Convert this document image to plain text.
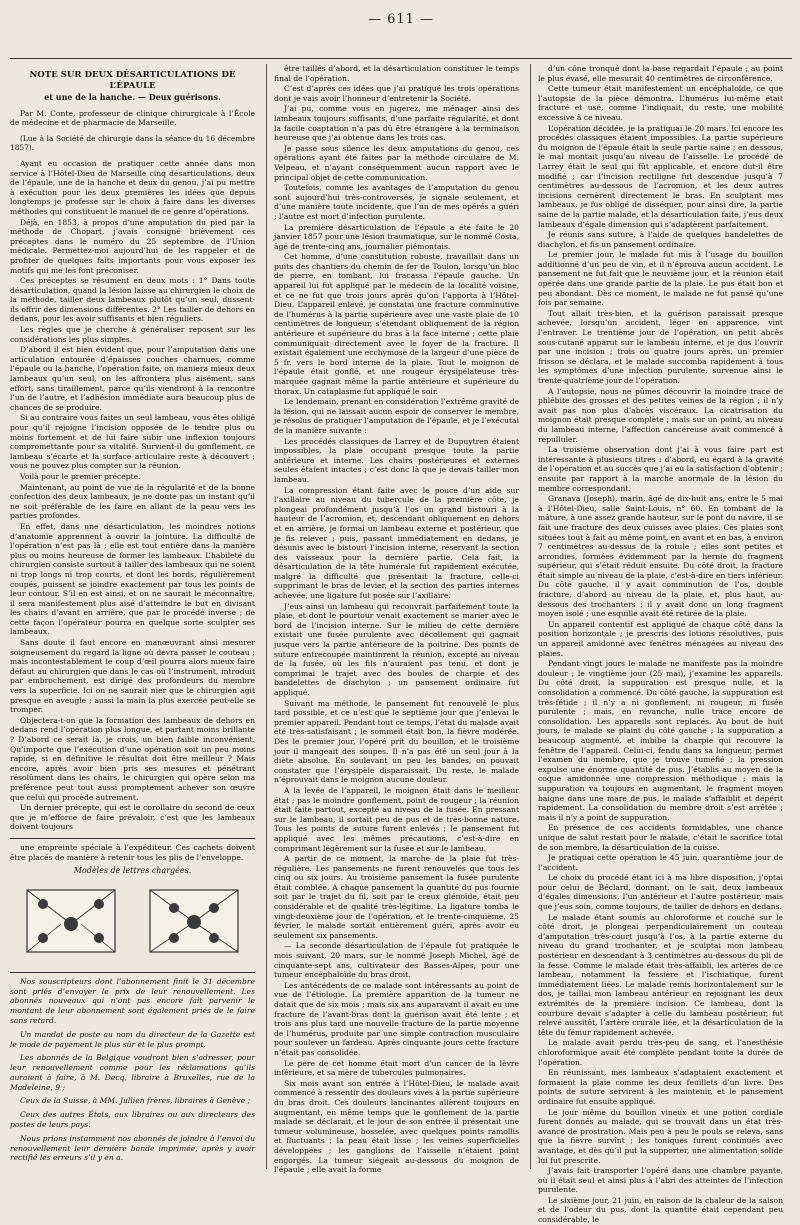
— 611 —

NOTE SUR DEUX DÉSARTICULATIONS DE L’ÉPAULE

et une de la hanche. — Deux guérisons.

Par M. Conte, professeur de clinique chirurgicale à l’École de médecine et de pharmacie de Marseille.

(Lue à la Société de chirurgie dans la séance du 16 décembre 1857).

Ayant eu occasion de pratiquer cette année dans mon service à l’Hôtel-Dieu de Marseille cinq désarticulations, deux de l’épaule, une de la hanche et deux du genou, j’ai pu mettre à exécution pour les deux premières les idées que depuis longtemps je professe sur le choix à faire dans les diverses méthodes qui constituent le manuel de ce genre d’opérations.

Déjà, en 1853, à propos d’une amputation du pied par la méthode de Chopart, j’avais consigné brièvement ces préceptes dans le numéro du 25 septembre de l’Union médicale. Permettez-moi aujourd’hui de les rappeler et de profiter de quelques faits importants pour vous exposer les motifs qui me les font préconiser.

Ces préceptes se résument en deux mots : 1° Dans toute désarticulation, quand la lésion laisse au chirurgien le choix de la méthode, tailler deux lambeaux plutôt qu’un seul, dussent-ils offrir des dimensions différentes. 2° Les tailler de dehors en dedans, pour les avoir suffisants et bien réguliers.

Les règles que je cherche à généraliser reposent sur les considérations les plus simples.

D’abord il est bien évident que, pour l’amputation dans une articulation entourée d’épaisses couches charnues, comme l’épaule ou la hanche, l’opération faite, on maniera mieux deux lambeaux qu’un seul, on les affrontera plus aisément, sans effort, sans tiraillement, parce qu’ils viendront à la rencontre l’un de l’autre, et l’adhésion immédiate aura beaucoup plus de chances de se produire.

Si au contraire vous faites un seul lambeau, vous êtes obligé pour qu’il rejoigne l’incision opposée de le tendre plus ou moins fortement et de lui faire subir une inflexion toujours compromettante pour sa vitalité. Survient-il du gonflement, ce lambeau s’écarte et la surface articulaire reste à découvert ; vous ne pouvez plus compter sur la réunion.

Voilà pour le premier précepte.

Maintenant, au point de vue de la régularité et de la bonne confection des deux lambeaux, je ne doute pas un instant qu’il ne soit préférable de les faire en allant de la peau vers les parties profondes.

En effet, dans une désarticulation, les moindres notions d’anatomie apprennent à ouvrir la jointure. La difficulté de l’opération n’est pas là ; elle est tout entière dans la manière plus ou moins heureuse de former les lambeaux. L’habileté du chirurgien consiste surtout à tailler des lambeaux qui ne soient ni trop longs ni trop courts, et dont les bords, régulièrement coupés, puissent se joindre exactement par tous les points de leur contour. S’il en est ainsi, et on ne saurait le méconnaître, il sera manifestement plus aisé d’atteindre le but en divisant les chairs d’avant en arrière, que par le procédé inverse ; de cette façon l’opérateur pourra en quelque sorte sculpter ses lambeaux.

Sans doute il faut encore en manœuvrant ainsi mesurer soigneusement du regard la ligne où devra passer le couteau ; mais incontestablement le coup d’œil pourra alors mieux faire défaut au chirurgien que dans le cas où l’instrument, introduit par embrochement, est dirigé des profondeurs du membre vers la superficie. Ici on ne saurait nier que le chirurgien agit presque en aveugle ; aussi la main la plus exercée peut-elle se tromper.

Objectera-t-on que la formation des lambeaux de dehors en dedans rend l’opération plus longue, et partant moins brillante ? D’abord ce serait là, je crois, un bien faible inconvénient. Qu’importe que l’exécution d’une opération soit un peu moins rapide, si en définitive le résultat doit être meilleur ? Mais encore, après avoir bien pris ses mesures et pénétrant résolûment dans les chairs, le chirurgien qui opère selon ma préférence peut tout aussi promptement achever son œuvre que celui qui procède autrement.

Un dernier précepte, qui est le corollaire du second de ceux que je m’efforce de faire prévaloir, c’est que les lambeaux doivent toujours

une empreinte spéciale à l’expéditeur. Ces cachets doivent être placés de manière à retenir tous les plis de l’enveloppe.

Modèles de lettres chargées.

Nos souscripteurs dont l’abonnement finit le 31 décembre sont priés d’envoyer le prix de leur renouvellement. Les abonnés nouveaux qui n’ont pas encore fait parvenir le montant de leur abonnement sont également priés de le faire sans retard.

Un mandat de poste au nom du directeur de la Gazette est le mode de payement le plus sûr et le plus prompt.

Les abonnés de la Belgique voudront bien s’adresser, pour leur renouvellement comme pour les réclamations qu’ils auraient à faire, à M. Decq, libraire à Bruxelles, rue de la Madeleine, 9 ;

Ceux de la Suisse, à MM. Jullien frères, libraires à Genève ;

Ceux des autres États, aux libraires ou aux directeurs des postes de leurs pays.

Nous prions instamment nos abonnés de joindre à l’envoi du renouvellement leur dernière bande imprimée, après y avoir rectifié les erreurs s’il y en a.

être taillés d’abord, et la désarticulation constituer le temps final de l’opération.

C’est d’après ces idées que j’ai pratiqué les trois opérations dont je vais avoir l’honneur d’entretenir la Société.

J’ai pu, comme vous en jugerez, me ménager ainsi des lambeaux toujours suffisants, d’une parfaite régularité, et dont la facile coaptation n’a pas dû être étrangère à la terminaison heureuse que j’ai obtenue dans les trois cas.

Je passe sous silence les deux amputations du genou, ces opérations ayant été faites par la méthode circulaire de M. Velpeau, et n’ayant conséquemment aucun rapport avec le principal objet de cette communication.

Toutefois, comme les avantages de l’amputation du genou sont aujourd’hui très-controversés, je signale seulement, et d’une manière toute incidente, que l’un de mes opérés a guéri ; l’autre est mort d’infection purulente.

La première désarticulation de l’épaule a été faite le 20 janvier 1857 pour une lésion traumatique, sur le nommé Costa, âgé de trente-cinq ans, journalier piémontais.

Cet homme, d’une constitution robuste, travaillait dans un puits des chantiers du chemin de fer de Toulon, lorsqu’un bloc de pierre, en tombant, lui fracassa l’épaule gauche. Un appareil lui fut appliqué par le médecin de la localité voisine, et ce ne fut que trois jours après qu’on l’apporta à l’Hôtel-Dieu. L’appareil enlevé, je constatai une fracture comminutive de l’humérus à la partie supérieure avec une vaste plaie de 10 centimètres de longueur, s’étendant obliquement de la région antérieure et supérieure du bras à la face interne ; cette plaie communiquait directement avec le foyer de la fracture. Il existait également une ecchymose de la largeur d’une pièce de 5 fr. vers le bord interne de la plaie. Tout le moignon de l’épaule était gonflé, et une rougeur érysipélateuse très-marquée gagnait même la partie antérieure et supérieure du thorax. Un cataplasme fut appliqué le soir.

Le lendemain, prenant en considération l’extrême gravité de la lésion, qui ne laissait aucun espoir de conserver le membre, je résolus de pratiquer l’amputation de l’épaule, et je l’exécutai de la manière suivante :

Les procédés classiques de Larrey et de Dupuytren étaient impossibles, la plaie occupant presque toute la partie antérieure et interne. Les chairs postérieures et externes seules étaient intactes ; c’est donc là que je devais tailler mon lambeau.

La compression étant faite avec le pouce d’un aide sur l’axillaire au niveau du tubercule de la première côte, je plongeai profondément jusqu’à l’os un grand bistouri à la hauteur de l’acromion, et, descendant obliquement en dehors et en arrière, je formai un lambeau externe et postérieur, que je fis relever ; puis, passant immédiatement en dedans, je désunis avec le bistouri l’incision interne, réservant la section des vaisseaux pour la dernière partie. Cela fait, la désarticulation de la tête humérale fut rapidement exécutée, malgré la difficulté que présentait la fracture, celle-ci supprimant le bras de levier, et la section des parties internes achevée, une ligature fut posée sur l’axillaire.

J’eus ainsi un lambeau qui recouvrait parfaitement toute la plaie, et dont le pourtour venait exactement se marier avec le bord de l’incision interne. Sur le milieu de cette dernière existait une fusée purulente avec décollement qui gagnait jusque vers la partie antérieure de la poitrine. Des points de suture entrecoupée maintinrent la réunion, excepté au niveau de la fusée, où les fils n’auraient pas tenu, et dont je comprimai le trajet avec des boules de charpie et des bandelettes de diachylon ; un pansement ordinaire fut appliqué.

Suivant ma méthode, le pansement fut renouvelé le plus tard possible, et ce n’est que le septième jour que j’enlevai le premier appareil. Pendant tout ce temps, l’état du malade avait été très-satisfaisant ; le sommeil était bon, la fièvre modérée. Dès le premier jour, l’opéré prit du bouillon, et le troisième jour il mangeait des soupes. Il n’a pas été un seul jour à la diète absolue. En soulevant un peu les bandes, on pouvait constater que l’érysipèle disparaissait. Du reste, le malade n’éprouvait dans le moignon aucune douleur.

A la levée de l’appareil, le moignon était dans le meilleur état ; pas le moindre gonflement, point de rougeur ; la réunion était faite partout, excepté au niveau de la fusée. En pressant sur le lambeau, il sortait peu de pus et de très-bonne nature. Tous les points de suture furent enlevés ; le pansement fut appliqué avec les mêmes précautions, c’est-à-dire en comprimant légèrement sur la fusée et sur le lambeau.

A partir de ce moment, la marche de la plaie fut très-régulière. Les pansements ne furent renouvelés que tous les cinq ou six jours. Au troisième pansement la fusée purulente était comblée. A chaque pansement la quantité du pus fournie soit par le trajet du fil, soit par le creux glénoïde, était peu considérable et de qualité très-légitime. La ligature tomba le vingt-deuxième jour de l’opération, et le trente-cinquième, 25 février, le malade sortait entièrement guéri, après avoir eu seulement six pansements.

— La seconde désarticulation de l’épaule fut pratiquée le mois suivant, 20 mars, sur le nommé Joseph Michel, âgé de cinquante-sept ans, cultivateur des Basses-Alpes, pour une tumeur encéphaloïde du bras droit.

Les antécédents de ce malade sont intéressants au point de vue de l’étiologie. La première apparition de la tumeur ne datait que de six mois ; mais six ans auparavant il avait eu une fracture de l’avant-bras dont la guérison avait été lente ; et trois ans plus tard une nouvelle fracture de la partie moyenne de l’humérus, produite par une simple contraction musculaire pour soulever un fardeau. Après cinquante jours cette fracture n’était pas consolidée.

Le père de cet homme était mort d’un cancer de la lèvre inférieure, et sa mère de tubercules pulmonaires.

Six mois avant son entrée à l’Hôtel-Dieu, le malade avait commencé à ressentir des douleurs vives à la partie supérieure du bras droit. Ces douleurs lancinantes allèrent toujours en augmentant, en même temps que le gonflement de la partie malade se déclarait, et le jour de son entrée il présentait une tumeur volumineuse, bosselée, avec quelques points ramollis et fluctuants ; la peau était lisse ; les veines superficielles développées ; les ganglions de l’aisselle n’étaient point engorgés. La tumeur siégeait au-dessous du moignon de l’épaule ; elle avait la forme

d’un cône tronqué dont la base regardait l’épaule ; au point le plus évasé, elle mesurait 40 centimètres de circonférence.

Cette tumeur était manifestement un encéphaloïde, ce que l’autopsie de la pièce démontra. L’humérus lui-même était fracturé et usé, comme l’indiquait, du reste, une mobilité excessive à ce niveau.

L’opération décidée, je la pratiquai le 20 mars. Ici encore les procédés classiques étaient impossibles. La partie supérieure du moignon de l’épaule était la seule partie saine ; en dessous, le mal montait jusqu’au niveau de l’aisselle. Le procédé de Larrey était le seul qui fût applicable, et encore dut-il être modifié ; car l’incision rectiligne fut descendue jusqu’à 7 centimètres au-dessous de l’acromion, et les deux autres incisions cernèrent directement le bras. En sculptant mes lambeaux, je fus obligé de disséquer, pour ainsi dire, la partie saine de la partie malade, et la désarticulation faite, j’eus deux lambeaux d’égale dimension qui s’adaptèrent parfaitement.

Je réunis sans suture, à l’aide de quelques bandelettes de diachylon, et fis un pansement ordinaire.

Le premier jour, le malade fut mis à l’usage du bouillon additionné d’un peu de vin, et il n’éprouva aucun accident. Le pansement ne fut fait que le neuvième jour, et la réunion était opérée dans une grande partie de la plaie. Le pus était bon et peu abondant. Dès ce moment, le malade ne fut pansé qu’une fois par semaine.

Tout allait très-bien, et la guérison paraissait presque achevée, lorsqu’un accident, léger en apparence, vint l’entraver. Le trentième jour de l’opération, un petit abcès sous-cutané apparut sur le lambeau interne, et je dus l’ouvrir par une incision ; trois ou quatre jours après, un premier frisson se déclara, et le malade succomba rapidement à tous les symptômes d’une infection purulente, survenue ainsi le trente-quatrième jour de l’opération.

A l’autopsie, nous ne pûmes découvrir la moindre trace de phlébite des grosses et des petites veines de la région ; il n’y avait pas non plus d’abcès viscéraux. La cicatrisation du moignon était presque complète ; mais sur un point, au niveau du lambeau interne, l’affection cancéreuse avait commencé à repulluler.

La troisième observation dont j’ai à vous faire part est intéressante à plusieurs titres : d’abord, eu égard à la gravité de l’opération et au succès que j’ai eu la satisfaction d’obtenir ; ensuite par rapport à la marche anormale de la lésion du membre correspondant.

Granava (Joseph), marin, âgé de dix-huit ans, entre le 5 mai à l’Hôtel-Dieu, salle Saint-Louis, n° 60. En tombant de la mâture, à une assez grande hauteur, sur le pont du navire, il se fait une fracture des deux cuisses avec plaies. Ces plaies sont situées tout à fait au même point, en avant et en bas, à environ 7 centimètres au-dessus de la rotule ; elles sont petites et arrondies, formées évidemment par la hernie du fragment supérieur, qui s’était réduit ensuite. Du côté droit, la fracture était simple au niveau de la plaie, c’est-à-dire en tiers inférieur. Du côté gauche, il y avait comminution de l’os, double fracture, d’abord au niveau de la plaie, et, plus haut, au-dessous des trochanters ; il y avait donc un long fragment moyen isolé ; une esquille avait été retirée de la plaie.

Un appareil contentif est appliqué de chaque côté dans la position horizontale ; je prescris des lotions résolutives, puis un appareil amidonné avec fenêtres ménagées au niveau des plaies.

Pendant vingt jours le malade ne manifeste pas la moindre douleur ; le vingtième jour (25 mai), j’examine les appareils. Du côté droit, la suppuration est presque nulle, et la consolidation a commencé. Du côté gauche, la suppuration est très-fétide ; il n’y a ni gonflement, ni rougeur, ni fusée purulente ; mais, en revanche, nulle trace encore de consolidation. Les appareils sont replacés. Au bout de huit jours, le malade se plaint du côté gauche ; la suppuration a beaucoup augmenté, et imbibe la charpie qui recouvre la fenêtre de l’appareil. Celui-ci, fendu dans sa longueur, permet l’examen du membre, que je trouve tuméfié ; la pression expulse une énorme quantité de pus. J’établis au moyen de la coque amidonnée une compression méthodique ; mais la suppuration va toujours en augmentant, le fragment moyen baigne dans une mare de pus, le malade s’affaiblit et dépérit rapidement. La consolidation du membre droit s’est arrêtée ; mais il n’y a point de suppuration.

En présence de ces accidents formidables, une chance unique de salut restait pour le malade, c’était le sacrifice total de son membre, la désarticulation de la cuisse.

Je pratiquai cette opération le 45 juin, quarantième jour de l’accident.

Le choix du procédé étant ici à ma libre disposition, j’optai pour celui de Béclard, donnant, on le sait, deux lambeaux d’égales dimensions, l’un antérieur et l’autre postérieur, mais que j’eus soin, comme toujours, de tailler de dehors en dedans.

Le malade étant soumis au chloroforme et couché sur le côté droit, je plongeai perpendiculairement un couteau d’amputation très-court jusqu’à l’os, à la partie externe du niveau du grand trochanter, et je sculptai mon lambeau postérieur en descendant à 3 centimètres au-dessous du pli de la fesse. Comme le malade était très-affaibli, les artères de ce lambeau, notamment la fessière et l’ischiatique, furent immédiatement liées. Le malade remis horizontalement sur le dos, je taillai mon lambeau antérieur en rejoignant les deux extrémités de la première incision. Ce lambeau, dont la courbure devait s’adapter à celle du lambeau postérieur, fut relevé aussitôt, l’artère crurale liée, et la désarticulation de la tête du fémur rapidement achevée.

Le malade avait perdu très-peu de sang, et l’anesthésie chloroformique avait été complète pendant toute la durée de l’opération.

En réunissant, mes lambeaux s’adaptaient exactement et formaient la plaie comme les deux feuillets d’un livre. Des points de suture servirent à les maintenir, et le pansement ordinaire fut ensuite appliqué.

Le jour même du bouillon vineux et une potion cordiale furent donnés au malade, qui se trouvait dans un état très-avancé de prostration. Mais peu à peu le pouls se releva, sans que la fièvre survînt ; les toniques furent continués avec avantage, et dès qu’il put la supporter, une alimentation solide lui fut prescrite.

J’avais fait transporter l’opéré dans une chambre payante, où il était seul et ainsi plus à l’abri des atteintes de l’infection purulente.

Le sixième jour, 21 juin, en raison de la chaleur de la saison et de l’odeur du pus, dont la quantité était cependant peu considérable, le
